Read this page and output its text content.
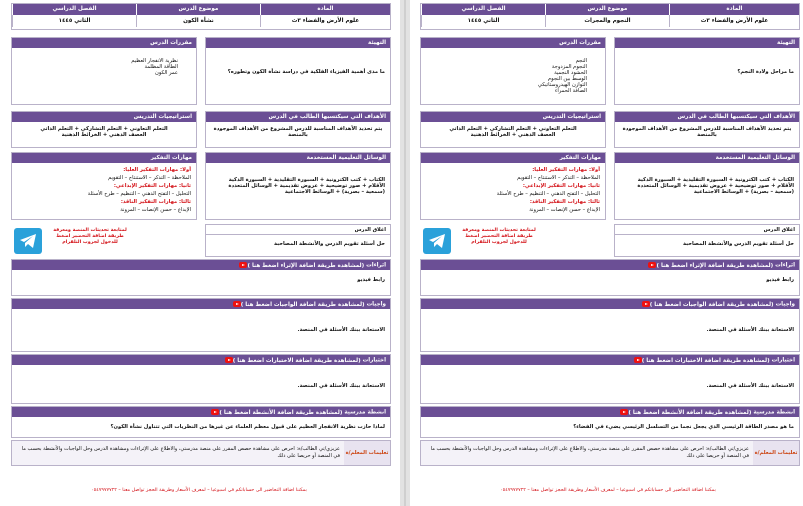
المادة
موضوع الدرس
الفصل الدراسي
علوم الأرض والفضاء ٣ث
نشأة الكون
الثاني ١٤٤٥
التهيئة
ما مدى أهمية الفيزياء الفلكية في دراسة نشأة الكون وتطوره؟
مقررات الدرس
نظرية الانفجار العظيم
الطاقة المظلمة
عمر الكون
الأهداف التي سيكتسبها الطالب في الدرس
يتم تحديد الأهداف المناسبة للدرس المشروع من الأهداف الموجودة بالمنصة
استراتيجيات التدريس
التعلم التعاوني + التعلم التشاركي + التعلم الذاتي
العصف الذهني + الخرائط الذهنية
الوسائل التعليمية المستخدمة
الكتاب + كتب الكترونية + السبورة التقليدية + السبورة الذكية
الأقلام + صور توضيحية + عروض تقديمية + الوسائل المتعددة
(سمعية – بصرية) + الوسائط الاجتماعية
مهارات التفكير
أولا: مهارات التفكير العليا:
الملاحظة – التذكر – الاستنتاج – التقويم
ثانيا: مهارات التفكير الإبداعي:
التحليل – التفتح الذهني – التنظيم – طرح الأسئلة
ثالثا: مهارات التفكير الناقد:
الإبداع – حسن الإنصات – المرونة
لمتابعة تحديثات المنصة ومعرفة طريقة اضافة التحضير اضغط للدخول لجروب التلقرام
اغلاق الدرس
حل أسئلة تقويم الدرس والأنشطة المصاحبة
اثراءات (لمشاهدة طريقة اضافة الإثراء اضغط هنا )
رابط فيديو
واجبات (لمشاهدة طريقة اضافة الواجبات اضغط هنا )
الاستعانة ببنك الأسئلة في المنصة.
اختبارات (لمشاهدة طريقة اضافة الاختبارات اضغط هنا )
الاستعانة ببنك الأسئلة في المنصة.
انشطة مدرسية (لمشاهدة طريقة اضافة الأنشطة اضغط هنا )
لماذا حازت نظرية الانفجار العظيم على قبول معظم العلماء عن غيرها من النظريات التي تتناول نشأة الكون؟
تعليمات المعلم/ة
عزيزي/تي الطالب/ة: احرص على مشاهدة حصص المقرر على منصة مدرستي، والاطلاع على الإثراءات ومشاهدة الدرس وحل الواجبات والأنشطة بحسب ما في المنصة أو حريصا على ذلك
بمكننا اضافة التحاضير الى حساباتكم في اسبوعيا – لمعرف الأسعار وطريقة الحجز تواصل معنا – ٠٥٤٧٩٧٧٧٢٢
المادة
موضوع الدرس
الفصل الدراسي
علوم الأرض والفضاء ٣ث
النجوم والمجرات
الثاني ١٤٤٥
التهيئة
ما مراحل ولادة النجم؟
مقررات الدرس
النجم
النجوم المزدوجة
الحشود النجمية
الوسط بين النجوم
التوازن الهيدروستاتيكي
الصافة الحمراء
الأهداف التي سيكتسبها الطالب في الدرس
يتم تحديد الأهداف المناسبة للدرس المشروع من الأهداف الموجودة بالمنصة
استراتيجيات التدريس
التعلم التعاوني + التعلم التشاركي + التعلم الذاتي
العصف الذهني + الخرائط الذهنية
الوسائل التعليمية المستخدمة
الكتاب + كتب الكترونية + السبورة التقليدية + السبورة الذكية
الأقلام + صور توضيحية + عروض تقديمية + الوسائل المتعددة
(سمعية – بصرية) + الوسائط الاجتماعية
مهارات التفكير
أولا: مهارات التفكير العليا:
الملاحظة – التذكر – الاستنتاج – التقويم
ثانيا: مهارات التفكير الإبداعي:
التحليل – التفتح الذهني – التنظيم – طرح الأسئلة
ثالثا: مهارات التفكير الناقد:
الإبداع – حسن الإنصات – المرونة
لمتابعة تحديثات المنصة ومعرفة طريقة اضافة التحضير اضغط للدخول لجروب التلقرام
اغلاق الدرس
حل أسئلة تقويم الدرس والأنشطة المصاحبة
اثراءات (لمشاهدة طريقة اضافة الإثراء اضغط هنا )
رابط فيديو
واجبات (لمشاهدة طريقة اضافة الواجبات اضغط هنا )
الاستعانة ببنك الأسئلة في المنصة.
اختبارات (لمشاهدة طريقة اضافة الاختبارات اضغط هنا )
الاستعانة ببنك الأسئلة في المنصة.
انشطة مدرسية (لمشاهدة طريقة اضافة الأنشطة اضغط هنا )
ما هو مصدر الطاقة الرئيسي الذي يجعل نجما من التسلسل الرئيسي يضيء في الفضاء؟
تعليمات المعلم/ة
عزيزي/تي الطالب/ة: احرص على مشاهدة حصص المقرر على منصة مدرستي، والاطلاع على الإثراءات ومشاهدة الدرس وحل الواجبات والأنشطة بحسب ما في المنصة أو حريصا على ذلك
بمكننا اضافة التحاضير الى حساباتكم في اسبوعيا – لمعرف الأسعار وطريقة الحجز تواصل معنا – ٠٥٤٧٩٧٧٧٢٢
